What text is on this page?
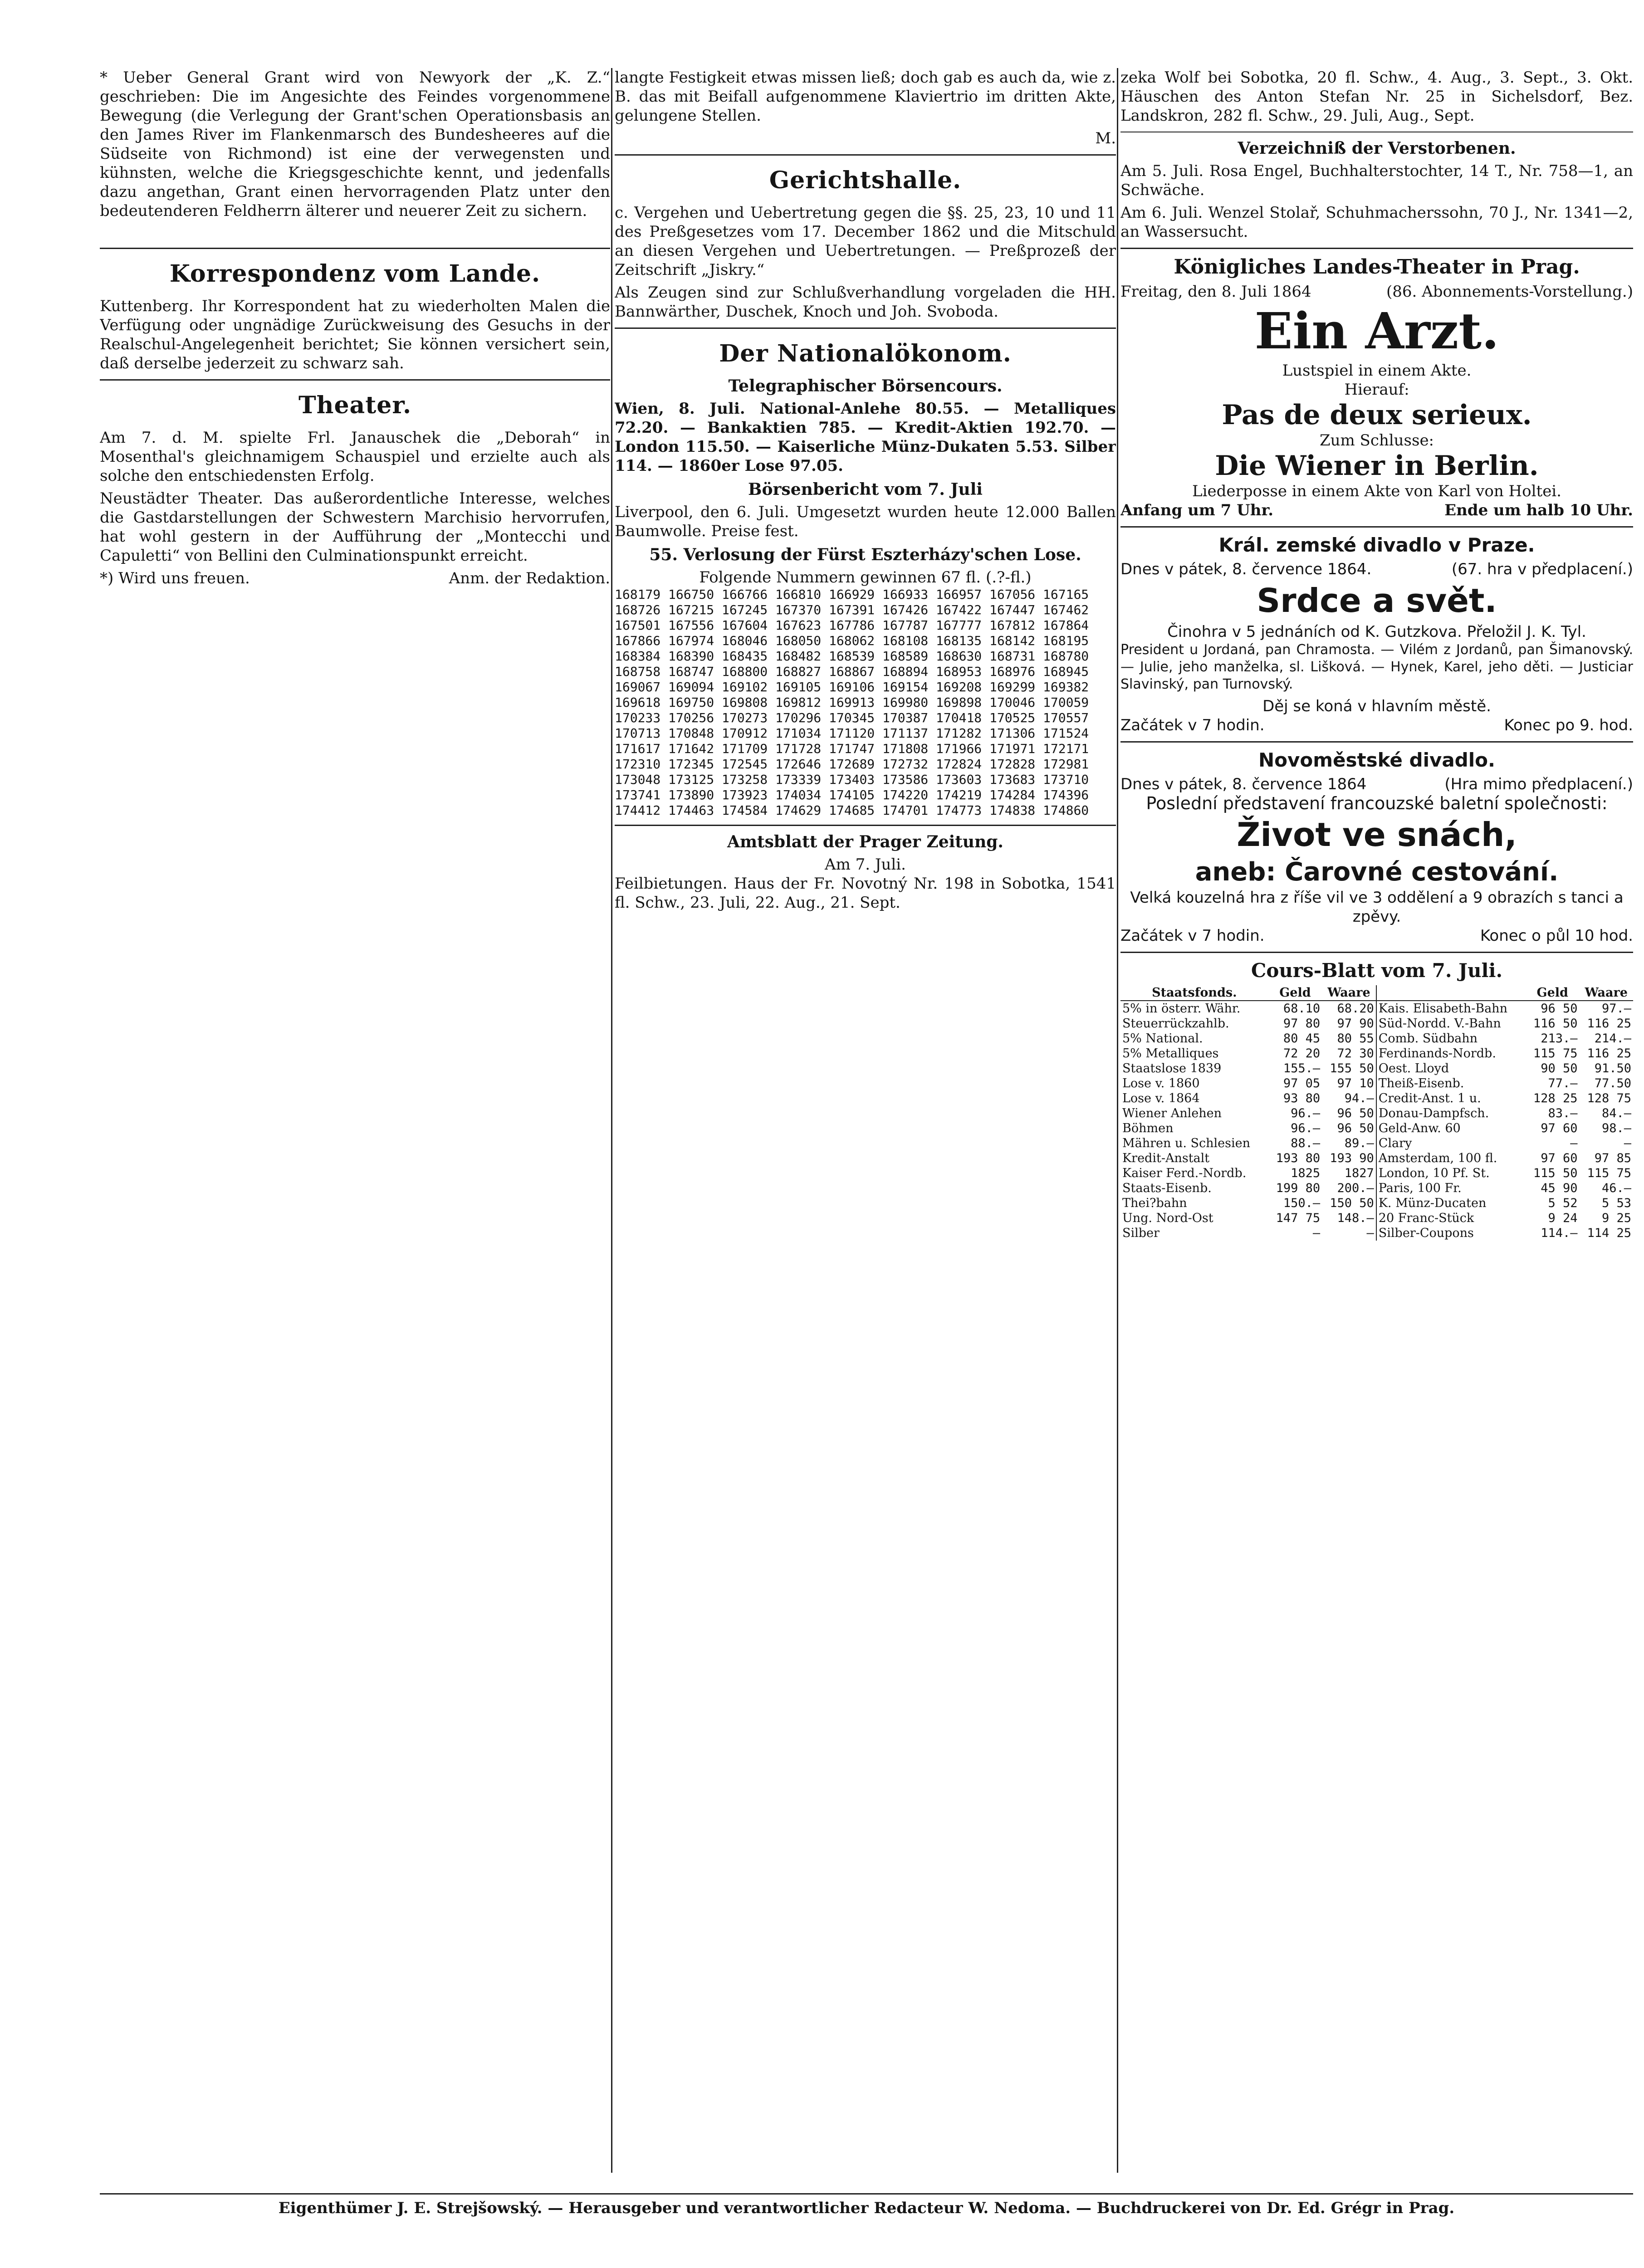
* Ueber General Grant wird von Newyork der „K. Z.“ geschrieben: Die im Angesichte des Feindes vorgenommene Bewegung (die Verlegung der Grant'schen Operationsbasis an den James River im Flankenmarsch des Bundesheeres auf die Südseite von Richmond) ist eine der verwegensten und kühnsten, welche die Kriegsgeschichte kennt, und jedenfalls dazu angethan, Grant einen hervorragenden Platz unter den bedeutenderen Feldherrn älterer und neuerer Zeit zu sichern.

Korrespondenz vom Lande.
Kuttenberg. Ihr Korrespondent hat zu wiederholten Malen die Verfügung oder ungnädige Zurückweisung des Gesuchs in der Realschul-Angelegenheit berichtet; Sie können versichert sein, daß derselbe jederzeit zu schwarz sah.
Theater.
Am 7. d. M. spielte Frl. Janauschek die „Deborah“ in Mosenthal's gleichnamigem Schauspiel und erzielte auch als solche den entschiedensten Erfolg.
Neustädter Theater. Das außerordentliche Interesse, welches die Gastdarstellungen der Schwestern Marchisio hervorrufen, hat wohl gestern in der Aufführung der „Montecchi und Capuletti“ von Bellini den Culminationspunkt erreicht.
*) Wird uns freuen.	Anm. der Redaktion.
langte Festigkeit etwas missen ließ; doch gab es auch da, wie z. B. das mit Beifall aufgenommene Klaviertrio im dritten Akte, gelungene Stellen.
M.
Gerichtshalle.
c. Vergehen und Uebertretung gegen die §§. 25, 23, 10 und 11 des Preßgesetzes vom 17. December 1862 und die Mitschuld an diesen Vergehen und Uebertretungen. — Preßprozeß der Zeitschrift „Jiskry.“
Als Zeugen sind zur Schlußverhandlung vorgeladen die HH. Bannwärther, Duschek, Knoch und Joh. Svoboda.
Der Nationalökonom.
Telegraphischer Börsencours.
Wien, 8. Juli. National-Anlehe 80.55. — Metalliques 72.20. — Bankaktien 785. — Kredit-Aktien 192.70. — London 115.50. — Kaiserliche Münz-Dukaten 5.53. Silber 114. — 1860er Lose 97.05.
Börsenbericht vom 7. Juli
Liverpool, den 6. Juli. Umgesetzt wurden heute 12.000 Ballen Baumwolle. Preise fest.
55. Verlosung der Fürst Eszterházy'schen Lose.
Folgende Nummern gewinnen 67 fl. (.?-fl.)
168179 166750 166766 166810 166929 166933 166957 167056 167165
168726 167215 167245 167370 167391 167426 167422 167447 167462
167501 167556 167604 167623 167786 167787 167777 167812 167864
167866 167974 168046 168050 168062 168108 168135 168142 168195
168384 168390 168435 168482 168539 168589 168630 168731 168780
168758 168747 168800 168827 168867 168894 168953 168976 168945
169067 169094 169102 169105 169106 169154 169208 169299 169382
169618 169750 169808 169812 169913 169980 169898 170046 170059
170233 170256 170273 170296 170345 170387 170418 170525 170557
170713 170848 170912 171034 171120 171137 171282 171306 171524
171617 171642 171709 171728 171747 171808 171966 171971 172171
172310 172345 172545 172646 172689 172732 172824 172828 172981
173048 173125 173258 173339 173403 173586 173603 173683 173710
173741 173890 173923 174034 174105 174220 174219 174284 174396
174412 174463 174584 174629 174685 174701 174773 174838 174860
Amtsblatt der Prager Zeitung.
Am 7. Juli.
Feilbietungen. Haus der Fr. Novotný Nr. 198 in Sobotka, 1541 fl. Schw., 23. Juli, 22. Aug., 21. Sept.
zeka Wolf bei Sobotka, 20 fl. Schw., 4. Aug., 3. Sept., 3. Okt. Häuschen des Anton Stefan Nr. 25 in Sichelsdorf, Bez. Landskron, 282 fl. Schw., 29. Juli, Aug., Sept.
Verzeichniß der Verstorbenen.
Am 5. Juli. Rosa Engel, Buchhalterstochter, 14 T., Nr. 758—1, an Schwäche.
Am 6. Juli. Wenzel Stolař, Schuhmacherssohn, 70 J., Nr. 1341—2, an Wassersucht.
Königliches Landes-Theater in Prag.
Freitag, den 8. Juli 1864	(86. Abonnements-Vorstellung.)
Ein Arzt.
Lustspiel in einem Akte.
Hierauf:
Pas de deux serieux.
Zum Schlusse:
Die Wiener in Berlin.
Liederposse in einem Akte von Karl von Holtei.
Anfang um 7 Uhr.	Ende um halb 10 Uhr.
Král. zemské divadlo v Praze.
Dnes v pátek, 8. července 1864.	(67. hra v předplacení.)
Srdce a svět.
Činohra v 5 jednáních od K. Gutzkova. Přeložil J. K. Tyl.
President u Jordaná, pan Chramosta. — Vilém z Jordanů, pan Šimanovský. — Julie, jeho manželka, sl. Lišková. — Hynek, Karel, jeho děti. — Justiciar Slavinský, pan Turnovský.
Děj se koná v hlavním městě.
Začátek v 7 hodin.	Konec po 9. hod.
Novoměstské divadlo.
Dnes v pátek, 8. července 1864	(Hra mimo předplacení.)
Poslední představení francouzské baletní společnosti:
Život ve snách,
aneb: Čarovné cestování.
Velká kouzelná hra z říše vil ve 3 oddělení a 9 obrazích s tanci a zpěvy.
Začátek v 7 hodin.	Konec o půl 10 hod.
Cours-Blatt vom 7. Juli.
Staatsfonds.	Geld	Waare		Geld	Waare
5% in österr. Währ.	68.10	68.20	Kais. Elisabeth-Bahn	96 50	97.—
Steuerrückzahlb.	97 80	97 90	Süd-Nordd. V.-Bahn	116 50	116 25
5% National.	80 45	80 55	Comb. Südbahn	213.—	214.—
5% Metalliques	72 20	72 30	Ferdinands-Nordb.	115 75	116 25
Staatslose 1839	155.—	155 50	Oest. Lloyd	90 50	91.50
Lose v. 1860	97 05	97 10	Theiß-Eisenb.	77.—	77.50
Lose v. 1864	93 80	94.—	Credit-Anst. 1 u.	128 25	128 75
Wiener Anlehen	96.—	96 50	Donau-Dampfsch.	83.—	84.—
Böhmen	96.—	96 50	Geld-Anw. 60	97 60	98.—
Mähren u. Schlesien	88.—	89.—	Clary	—	—
Kredit-Anstalt	193 80	193 90	Amsterdam, 100 fl.	97 60	97 85
Kaiser Ferd.-Nordb.	1825	1827	London, 10 Pf. St.	115 50	115 75
Staats-Eisenb.	199 80	200.—	Paris, 100 Fr.	45 90	46.—
Thei?bahn	150.—	150 50	K. Münz-Ducaten	5 52	5 53
Ung. Nord-Ost	147 75	148.—	20 Franc-Stück	9 24	9 25
Silber	—	—	Silber-Coupons	114.—	114 25
Eigenthümer J. E. Strejšowský. — Herausgeber und verantwortlicher Redacteur W. Nedoma. — Buchdruckerei von Dr. Ed. Grégr in Prag.
